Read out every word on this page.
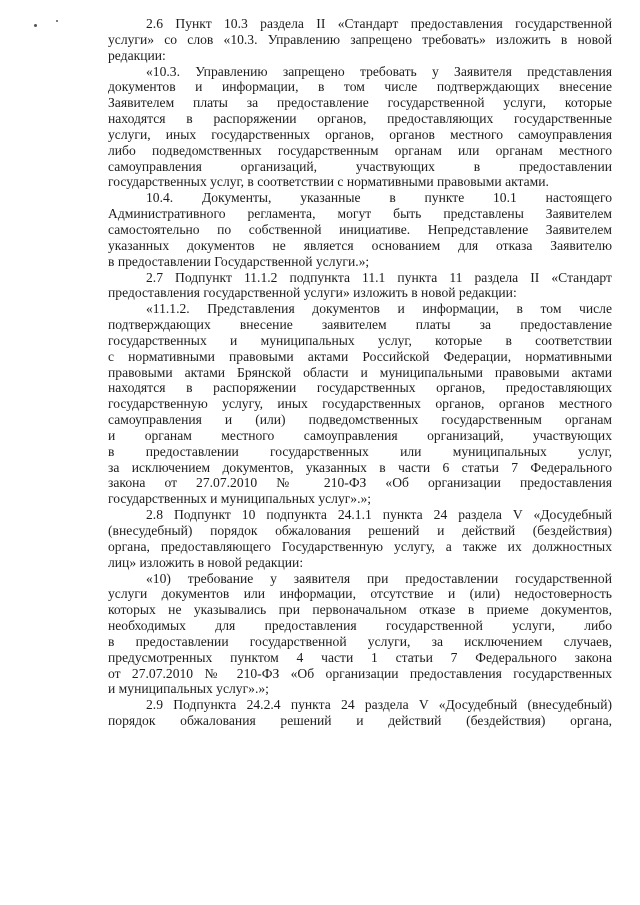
2.6 Пункт 10.3 раздела II «Стандарт предоставления государственной
услуги» со слов «10.3. Управлению запрещено требовать» изложить в новой
редакции:
«10.3. Управлению запрещено требовать у Заявителя представления
документов и информации, в том числе подтверждающих внесение
Заявителем платы за предоставление государственной услуги, которые
находятся в распоряжении органов, предоставляющих государственные
услуги, иных государственных органов, органов местного самоуправления
либо подведомственных государственным органам или органам местного
самоуправления организаций, участвующих в предоставлении
государственных услуг, в соответствии с нормативными правовыми актами.
10.4. Документы, указанные в пункте 10.1 настоящего
Административного регламента, могут быть представлены Заявителем
самостоятельно по собственной инициативе. Непредставление Заявителем
указанных документов не является основанием для отказа Заявителю
в предоставлении Государственной услуги.»;
2.7 Подпункт 11.1.2 подпункта 11.1 пункта 11 раздела II «Стандарт
предоставления государственной услуги» изложить в новой редакции:
«11.1.2. Представления документов и информации, в том числе
подтверждающих внесение заявителем платы за предоставление
государственных и муниципальных услуг, которые в соответствии
с нормативными правовыми актами Российской Федерации, нормативными
правовыми актами Брянской области и муниципальными правовыми актами
находятся в распоряжении государственных органов, предоставляющих
государственную услугу, иных государственных органов, органов местного
самоуправления и (или) подведомственных государственным органам
и органам местного самоуправления организаций, участвующих
в предоставлении государственных или муниципальных услуг,
за исключением документов, указанных в части 6 статьи 7 Федерального
закона от 27.07.2010 № 210-ФЗ «Об организации предоставления
государственных и муниципальных услуг».»;
2.8 Подпункт 10 подпункта 24.1.1 пункта 24 раздела V «Досудебный
(внесудебный) порядок обжалования решений и действий (бездействия)
органа, предоставляющего Государственную услугу, а также их должностных
лиц» изложить в новой редакции:
«10) требование у заявителя при предоставлении государственной
услуги документов или информации, отсутствие и (или) недостоверность
которых не указывались при первоначальном отказе в приеме документов,
необходимых для предоставления государственной услуги, либо
в предоставлении государственной услуги, за исключением случаев,
предусмотренных пунктом 4 части 1 статьи 7 Федерального закона
от 27.07.2010 № 210-ФЗ «Об организации предоставления государственных
и муниципальных услуг».»;
2.9 Подпункта 24.2.4 пункта 24 раздела V «Досудебный (внесудебный)
порядок обжалования решений и действий (бездействия) органа,
